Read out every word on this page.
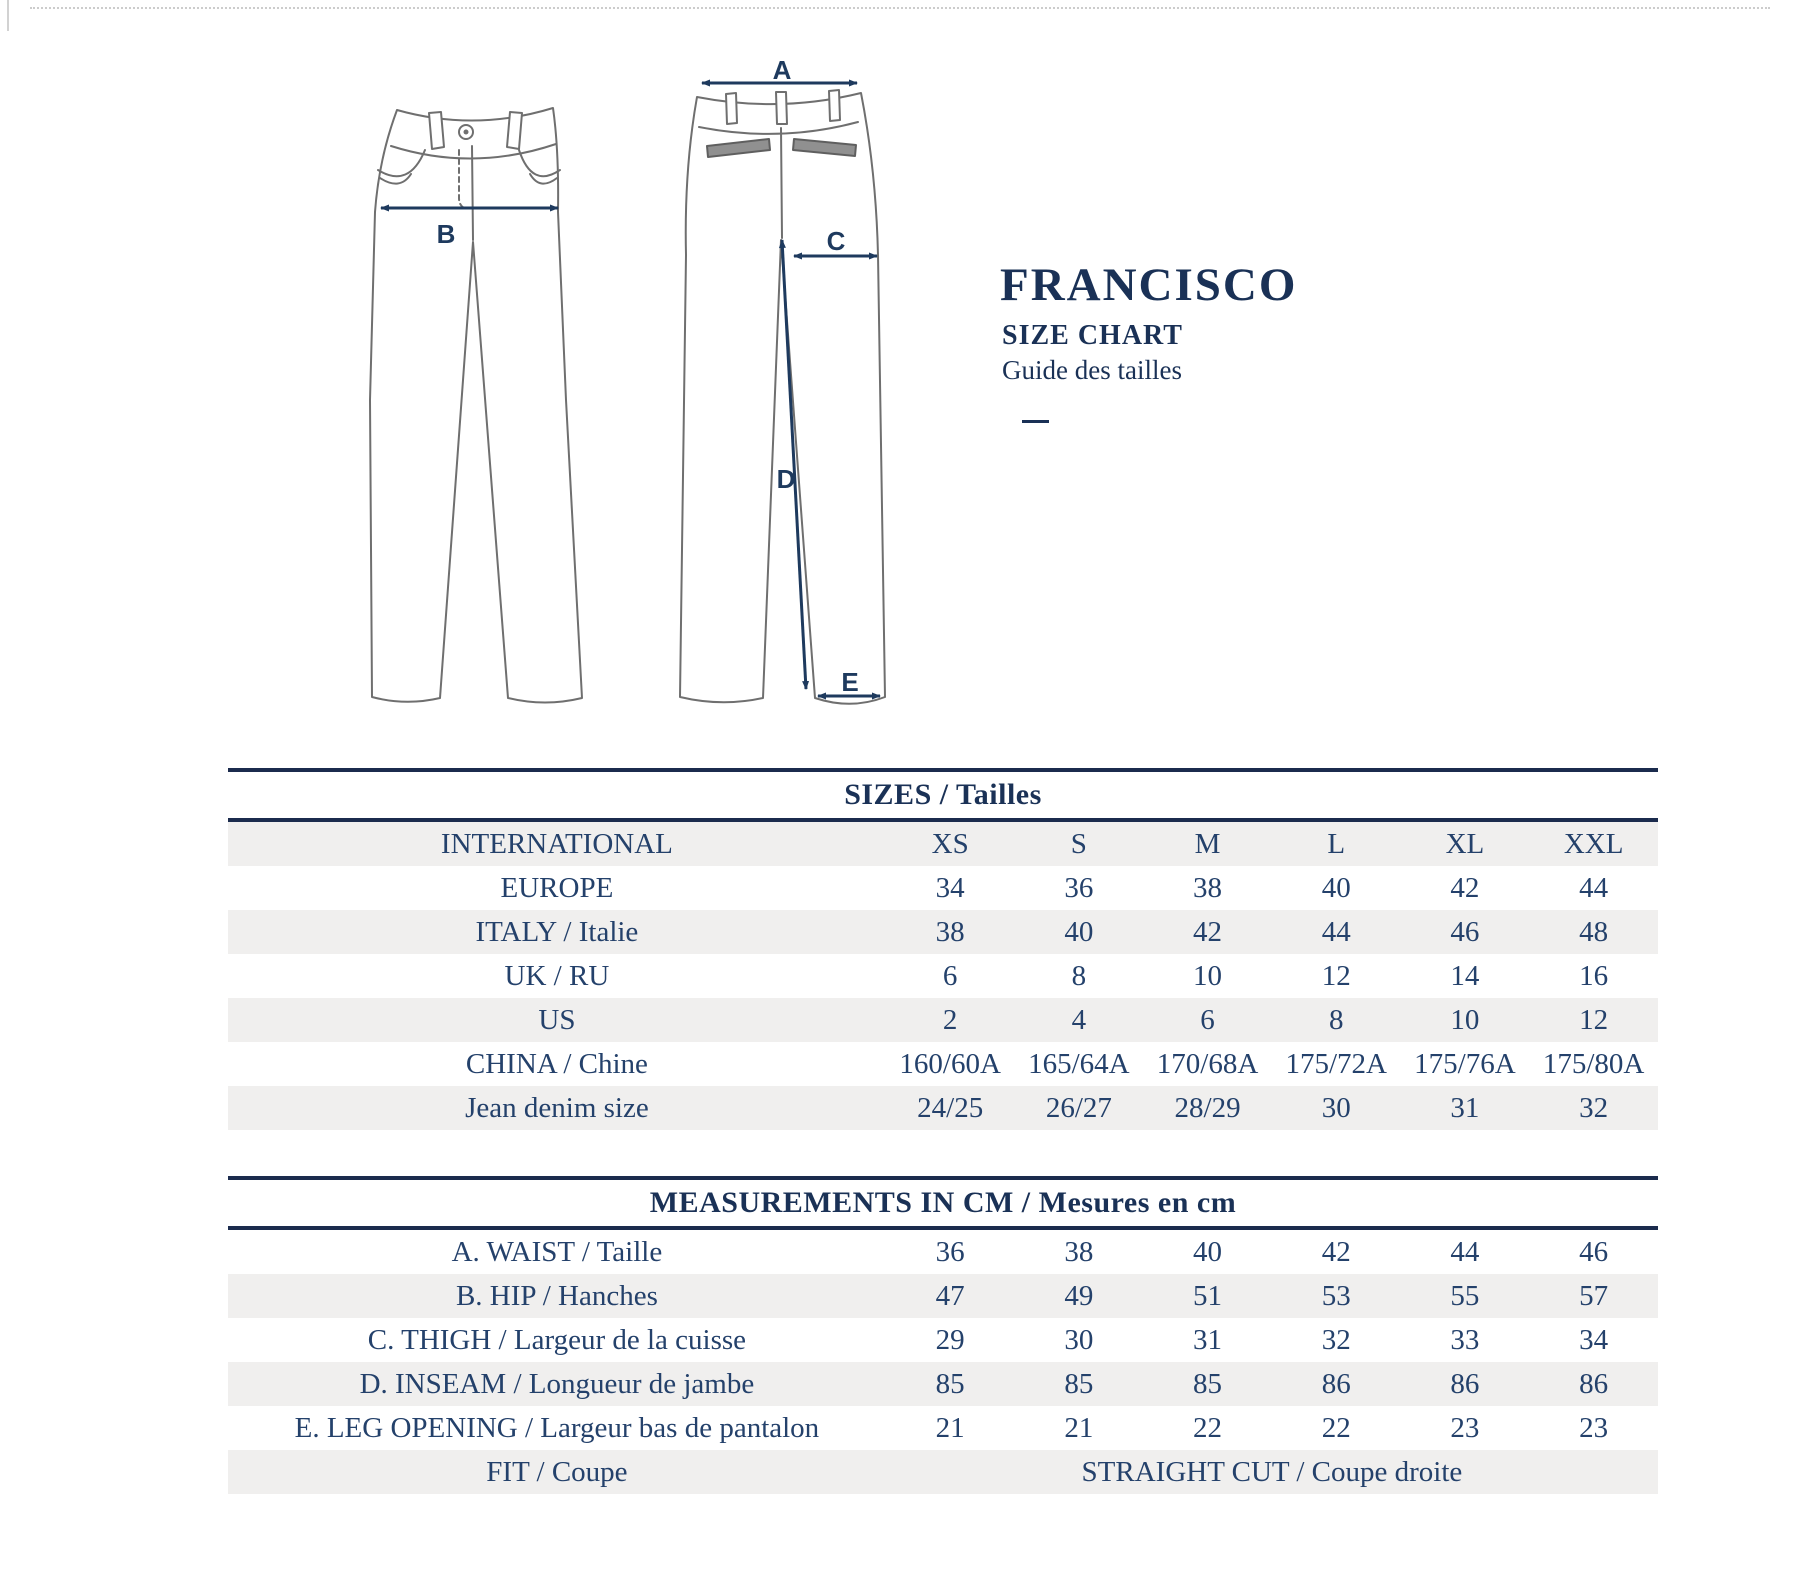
A
B	C
D
E
FRANCISCO
SIZE CHART
Guide des tailles
SIZES / Tailles
INTERNATIONAL	XS	S	M	L	XL	XXL
EUROPE	34	36	38	40	42	44
ITALY / Italie	38	40	42	44	46	48
UK / RU	6	8	10	12	14	16
US	2	4	6	8	10	12
CHINA / Chine	160/60A	165/64A	170/68A	175/72A	175/76A	175/80A
Jean denim size	24/25	26/27	28/29	30	31	32
MEASUREMENTS IN CM / Mesures en cm
A. WAIST / Taille	36	38	40	42	44	46
B. HIP / Hanches	47	49	51	53	55	57
C. THIGH / Largeur de la cuisse	29	30	31	32	33	34
D. INSEAM / Longueur de jambe	85	85	85	86	86	86
E. LEG OPENING / Largeur bas de pantalon	21	21	22	22	23	23
FIT / Coupe	STRAIGHT CUT / Coupe droite					
